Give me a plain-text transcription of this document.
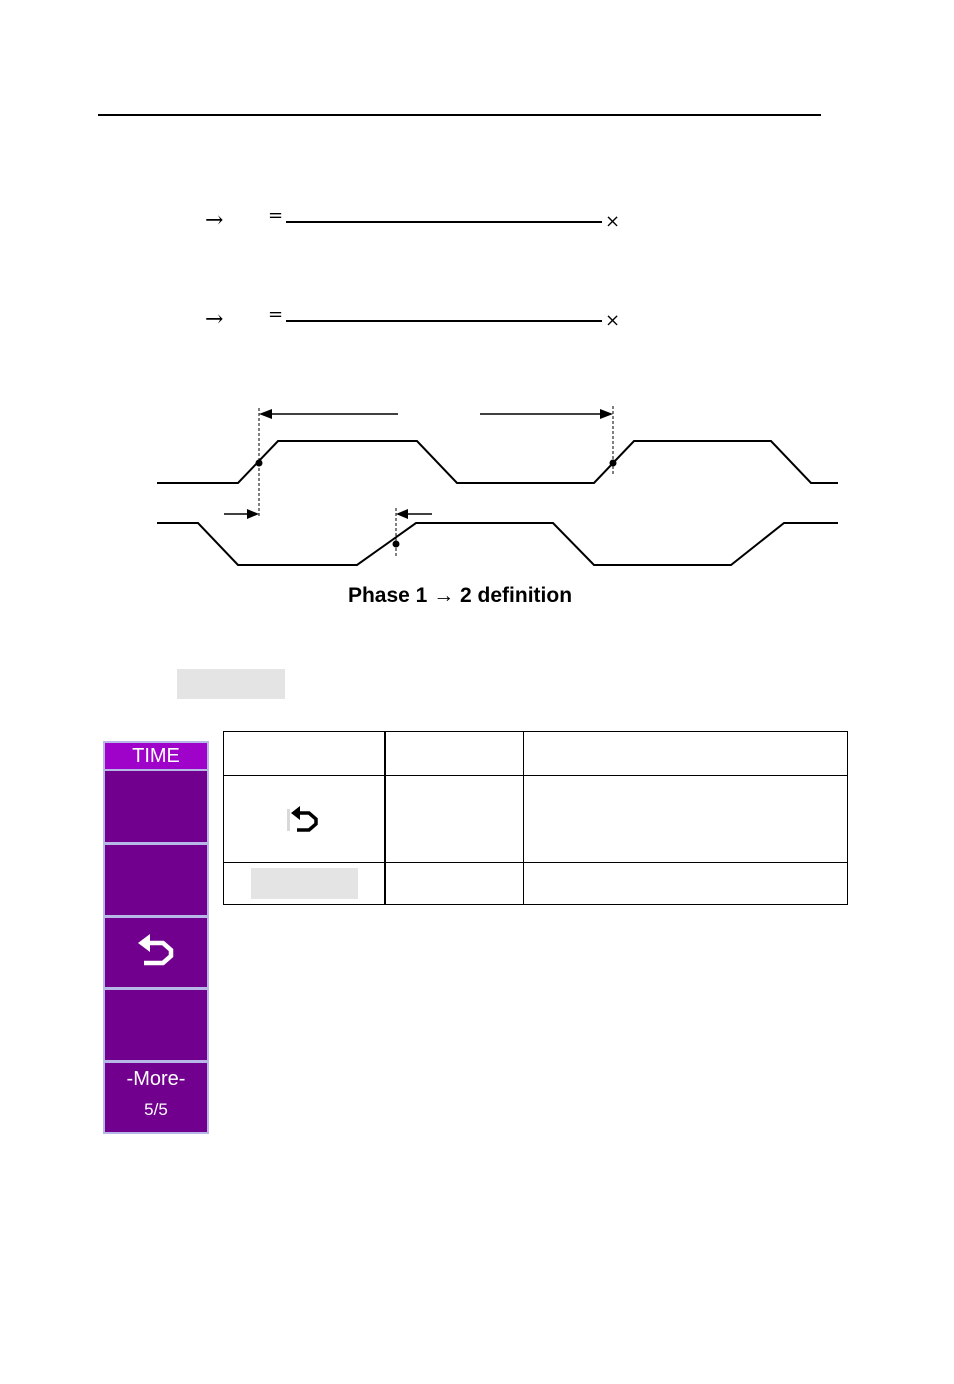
→ =	×
→ =	×
Phase 1 → 2 definition
TIME
-More-
5/5
